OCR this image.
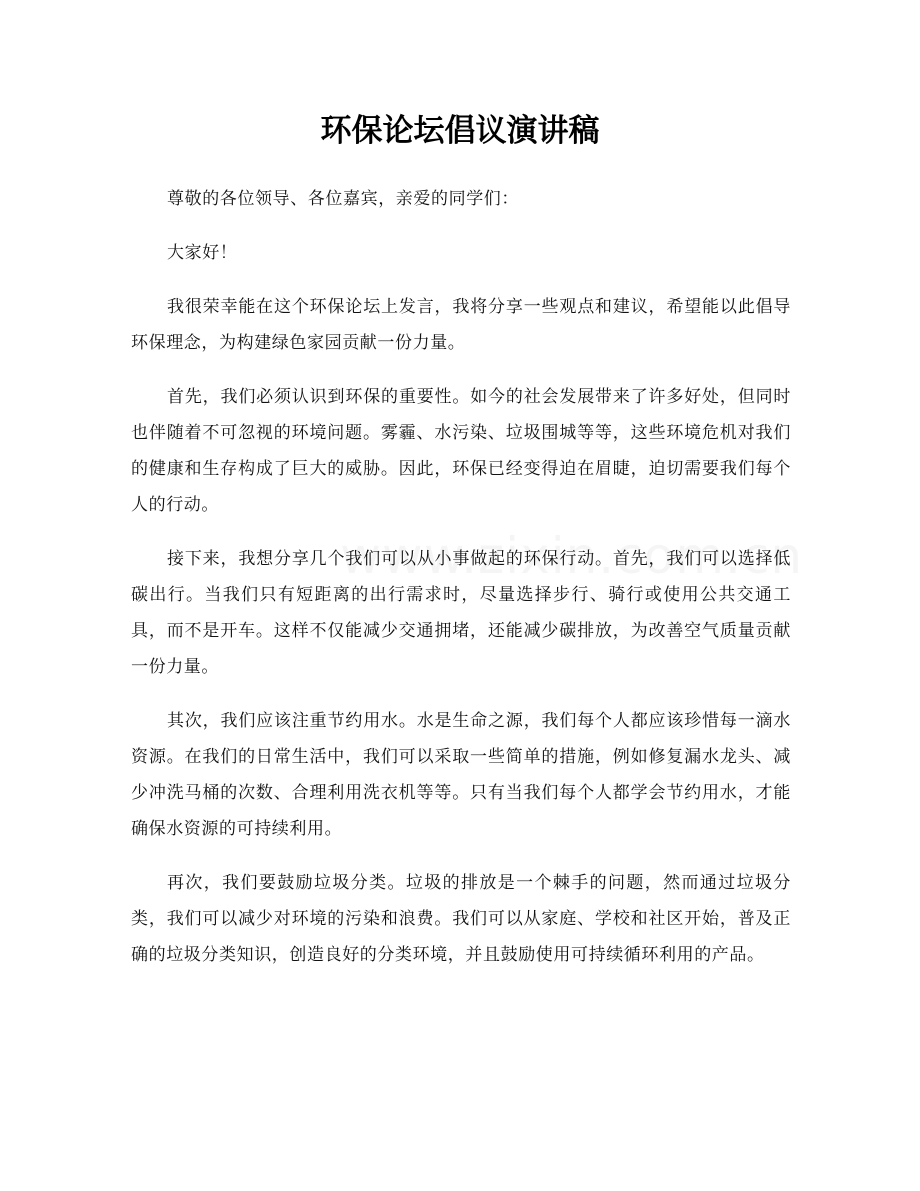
环保论坛倡议演讲稿

尊敬的各位领导、各位嘉宾，亲爱的同学们：

大家好！

我很荣幸能在这个环保论坛上发言，我将分享一些观点和建议，希望能以此倡导环保理念，为构建绿色家园贡献一份力量。

首先，我们必须认识到环保的重要性。如今的社会发展带来了许多好处，但同时也伴随着不可忽视的环境问题。雾霾、水污染、垃圾围城等等，这些环境危机对我们的健康和生存构成了巨大的威胁。因此，环保已经变得迫在眉睫，迫切需要我们每个人的行动。

接下来，我想分享几个我们可以从小事做起的环保行动。首先，我们可以选择低碳出行。当我们只有短距离的出行需求时，尽量选择步行、骑行或使用公共交通工具，而不是开车。这样不仅能减少交通拥堵，还能减少碳排放，为改善空气质量贡献一份力量。

其次，我们应该注重节约用水。水是生命之源，我们每个人都应该珍惜每一滴水资源。在我们的日常生活中，我们可以采取一些简单的措施，例如修复漏水龙头、减少冲洗马桶的次数、合理利用洗衣机等等。只有当我们每个人都学会节约用水，才能确保水资源的可持续利用。

再次，我们要鼓励垃圾分类。垃圾的排放是一个棘手的问题，然而通过垃圾分类，我们可以减少对环境的污染和浪费。我们可以从家庭、学校和社区开始，普及正确的垃圾分类知识，创造良好的分类环境，并且鼓励使用可持续循环利用的产品。
